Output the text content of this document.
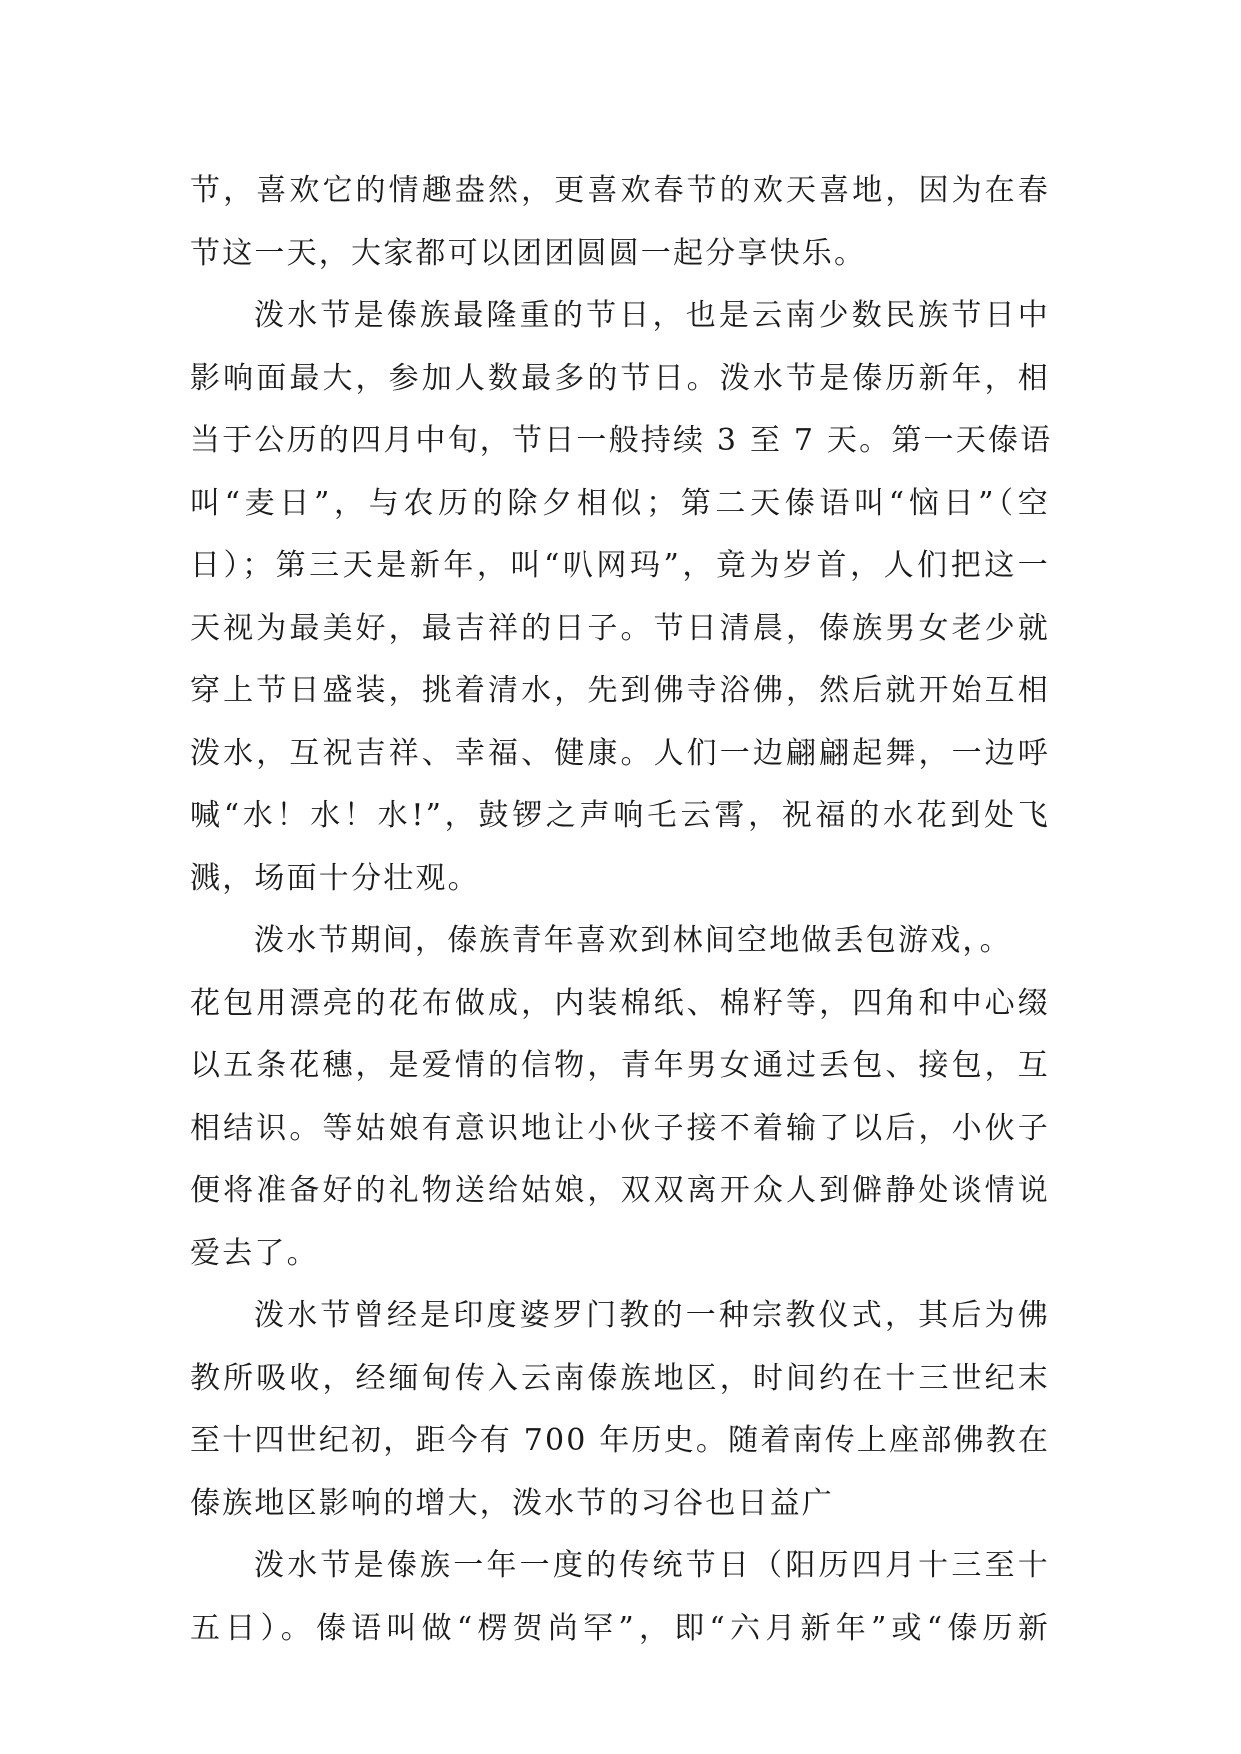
节，喜欢它的情趣盎然，更喜欢春节的欢天喜地，因为在春
节这一天，大家都可以团团圆圆一起分享快乐。
泼水节是傣族最隆重的节日，也是云南少数民族节日中
影响面最大，参加人数最多的节日。泼水节是傣历新年，相
当于公历的四月中旬，节日一般持续 3 至 7 天。第一天傣语
叫“麦日”，与农历的除夕相似；第二天傣语叫“恼日”（空
日）；第三天是新年，叫“叭网玛”，竟为岁首，人们把这一
天视为最美好，最吉祥的日子。节日清晨，傣族男女老少就
穿上节日盛装，挑着清水，先到佛寺浴佛，然后就开始互相
泼水，互祝吉祥、幸福、健康。人们一边翩翩起舞，一边呼
喊“水！水！水!”，鼓锣之声响乇云霄，祝福的水花到处飞
溅，场面十分壮观。
泼水节期间，傣族青年喜欢到林间空地做丢包游戏，。
花包用漂亮的花布做成，内装棉纸、棉籽等，四角和中心缀
以五条花穗，是爱情的信物，青年男女通过丢包、接包，互
相结识。等姑娘有意识地让小伙子接不着输了以后，小伙子
便将准备好的礼物送给姑娘，双双离开众人到僻静处谈情说
爱去了。
泼水节曾经是印度婆罗门教的一种宗教仪式，其后为佛
教所吸收，经缅甸传入云南傣族地区，时间约在十三世纪末
至十四世纪初，距今有 700 年历史。随着南传上座部佛教在
傣族地区影响的增大，泼水节的习谷也日益广
泼水节是傣族一年一度的传统节日（阳历四月十三至十
五日）。傣语叫做“楞贺尚罕”，即“六月新年”或“傣历新
